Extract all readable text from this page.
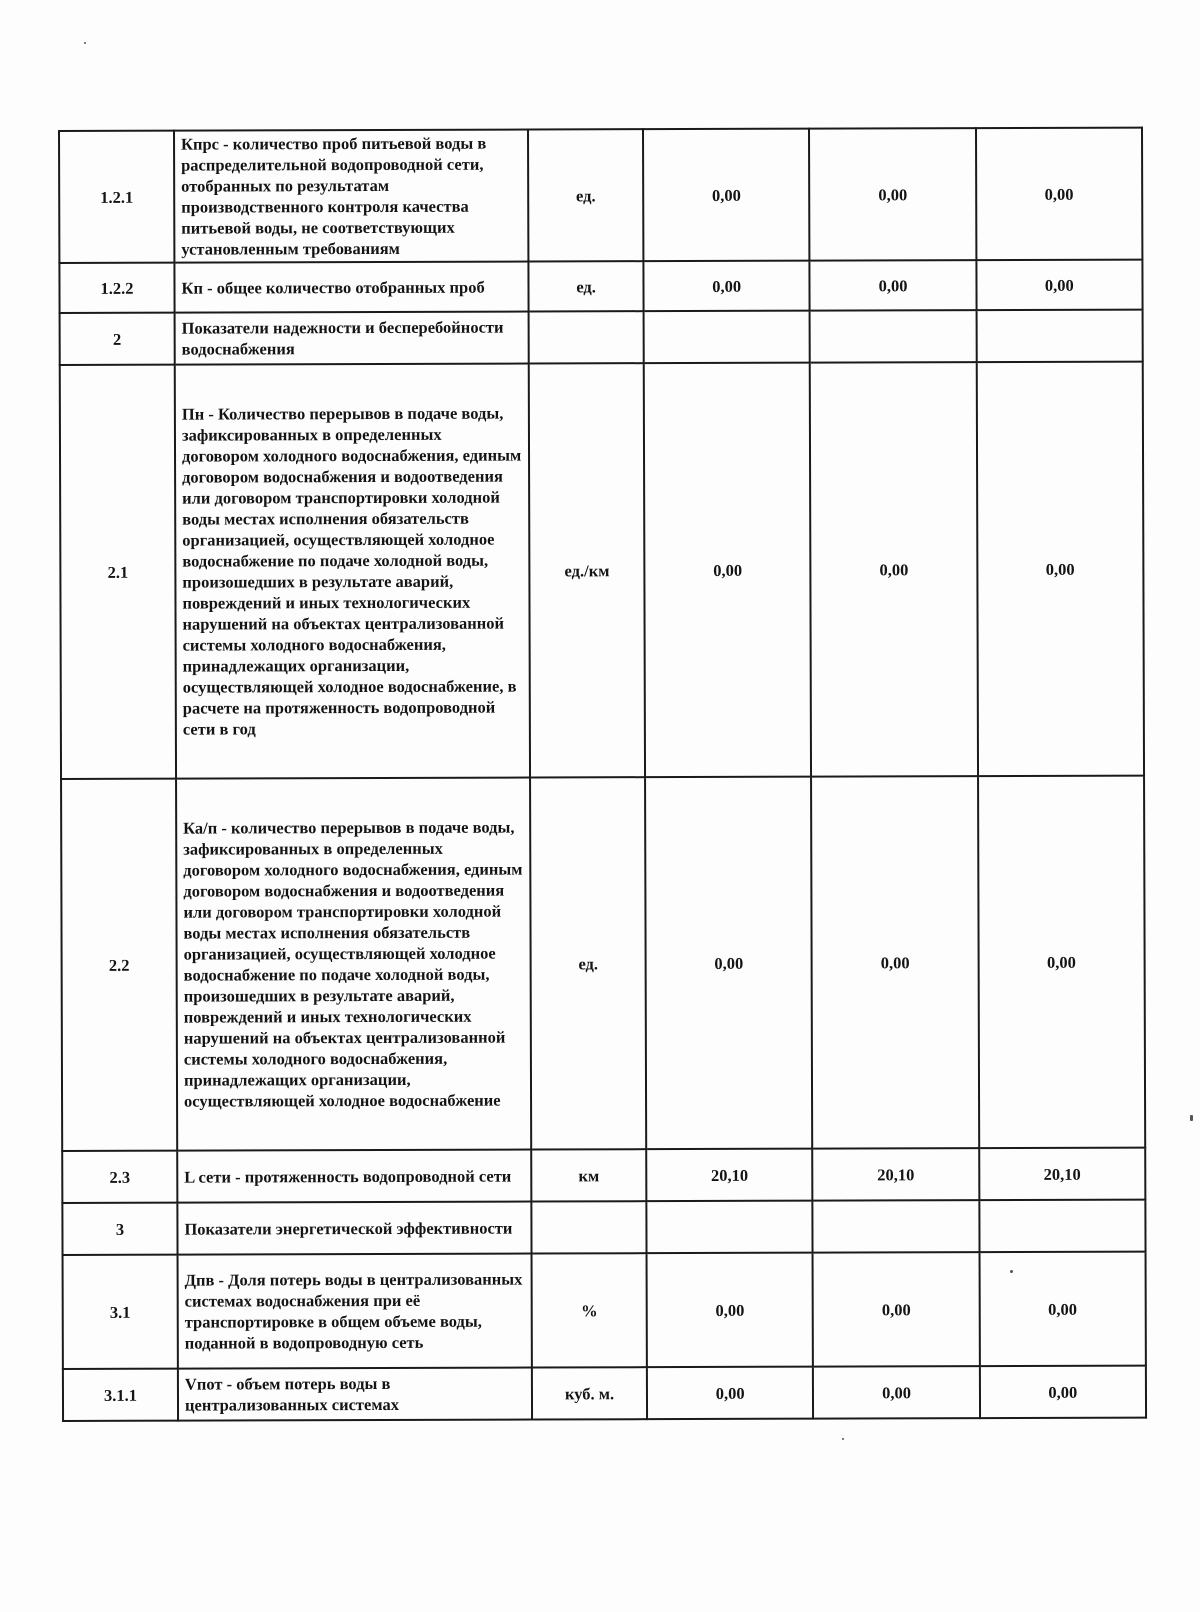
1.2.1	Кпрс - количество проб питьевой воды в распределительной водопроводной сети, отобранных по результатам производственного контроля качества питьевой воды, не соответствующих установленным требованиям	ед.	0,00	0,00	0,00
1.2.2	Кп - общее количество отобранных проб	ед.	0,00	0,00	0,00
2	Показатели надежности и бесперебойности водоснабжения				
2.1	Пн - Количество перерывов в подаче воды, зафиксированных в определенных договором холодного водоснабжения, единым договором водоснабжения и водоотведения или договором транспортировки холодной воды местах исполнения обязательств организацией, осуществляющей холодное водоснабжение по подаче холодной воды, произошедших в результате аварий, повреждений и иных технологических нарушений на объектах централизованной системы холодного водоснабжения, принадлежащих организации, осуществляющей холодное водоснабжение, в расчете на протяженность водопроводной сети в год	ед./км	0,00	0,00	0,00
2.2	Ка/п - количество перерывов в подаче воды, зафиксированных в определенных договором холодного водоснабжения, единым договором водоснабжения и водоотведения или договором транспортировки холодной воды местах исполнения обязательств организацией, осуществляющей холодное водоснабжение по подаче холодной воды, произошедших в результате аварий, повреждений и иных технологических нарушений на объектах централизованной системы холодного водоснабжения, принадлежащих организации, осуществляющей холодное водоснабжение	ед.	0,00	0,00	0,00
2.3	L сети - протяженность водопроводной сети	км	20,10	20,10	20,10
3	Показатели энергетической эффективности				
3.1	Дпв - Доля потерь воды в централизованных системах водоснабжения при её транспортировке в общем объеме воды, поданной в водопроводную сеть	%	0,00	0,00	0,00
3.1.1	Vпот - объем потерь воды в централизованных системах	куб. м.	0,00	0,00	0,00
